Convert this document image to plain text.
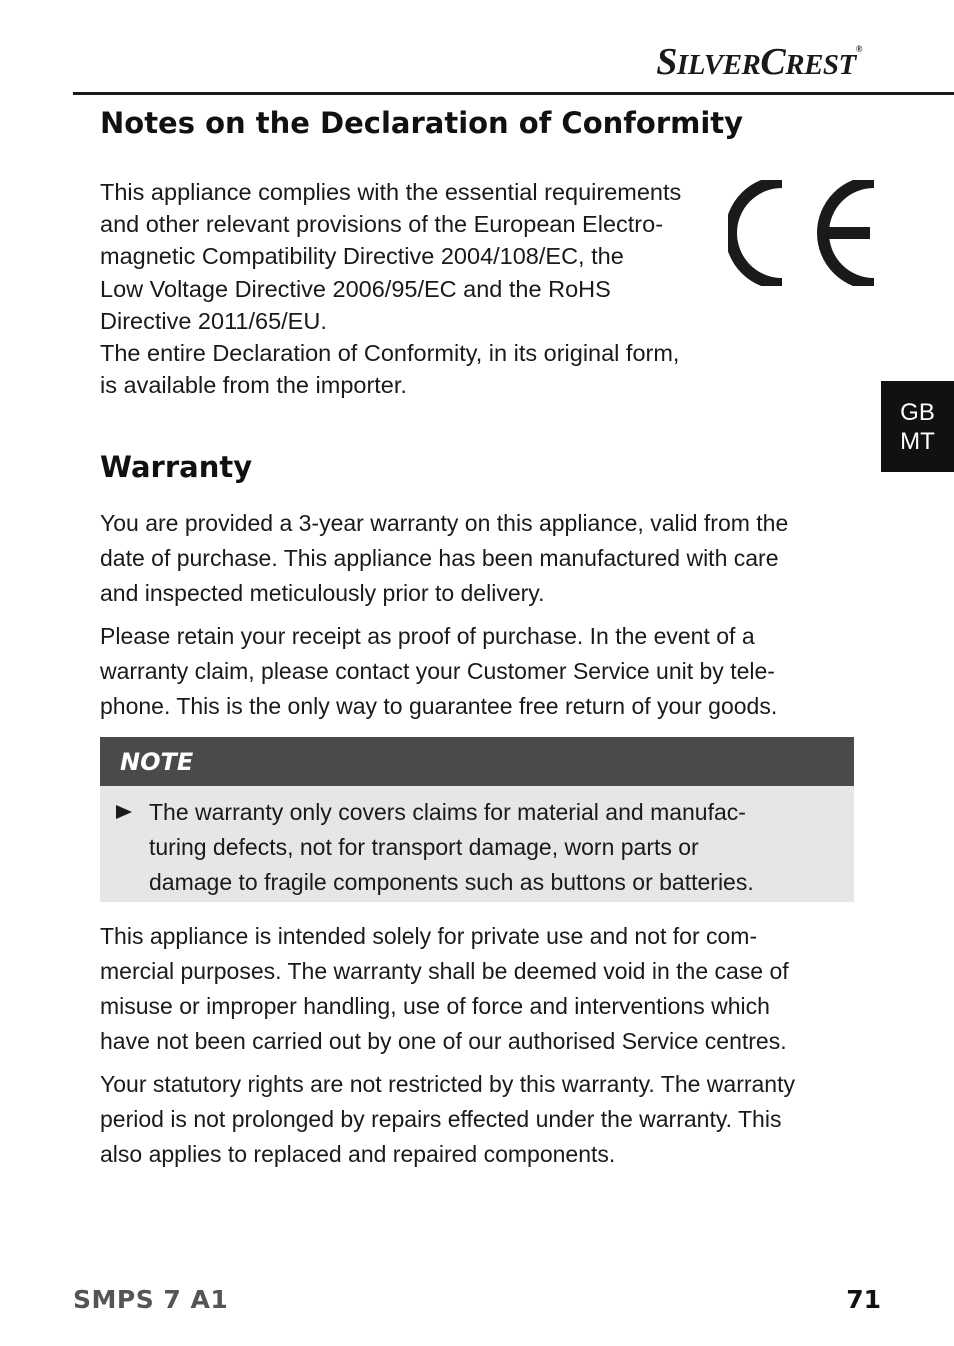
SILVERCREST®
GB
MT
Notes on the Declaration of Conformity
This appliance complies with the essential requirements
and other relevant provisions of the European Electro-
magnetic Compatibility Directive 2004/108/EC, the
Low Voltage Directive 2006/95/EC and the RoHS
Directive 2011/65/EU.
The entire Declaration of Conformity, in its original form,
is available from the importer.
Warranty
You are provided a 3-year warranty on this appliance, valid from the
date of purchase. This appliance has been manufactured with care
and inspected meticulously prior to delivery.
Please retain your receipt as proof of purchase. In the event of a
warranty claim, please contact your Customer Service unit by tele-
phone. This is the only way to guarantee free return of your goods.
NOTE
The warranty only covers claims for material and manufac-
turing defects, not for transport damage, worn parts or
damage to fragile components such as buttons or batteries.
This appliance is intended solely for private use and not for com-
mercial purposes. The warranty shall be deemed void in the case of
misuse or improper handling, use of force and interventions which
have not been carried out by one of our authorised Service centres.
Your statutory rights are not restricted by this warranty. The warranty
period is not prolonged by repairs effected under the warranty. This
also applies to replaced and repaired components.
SMPS 7 A1	71
